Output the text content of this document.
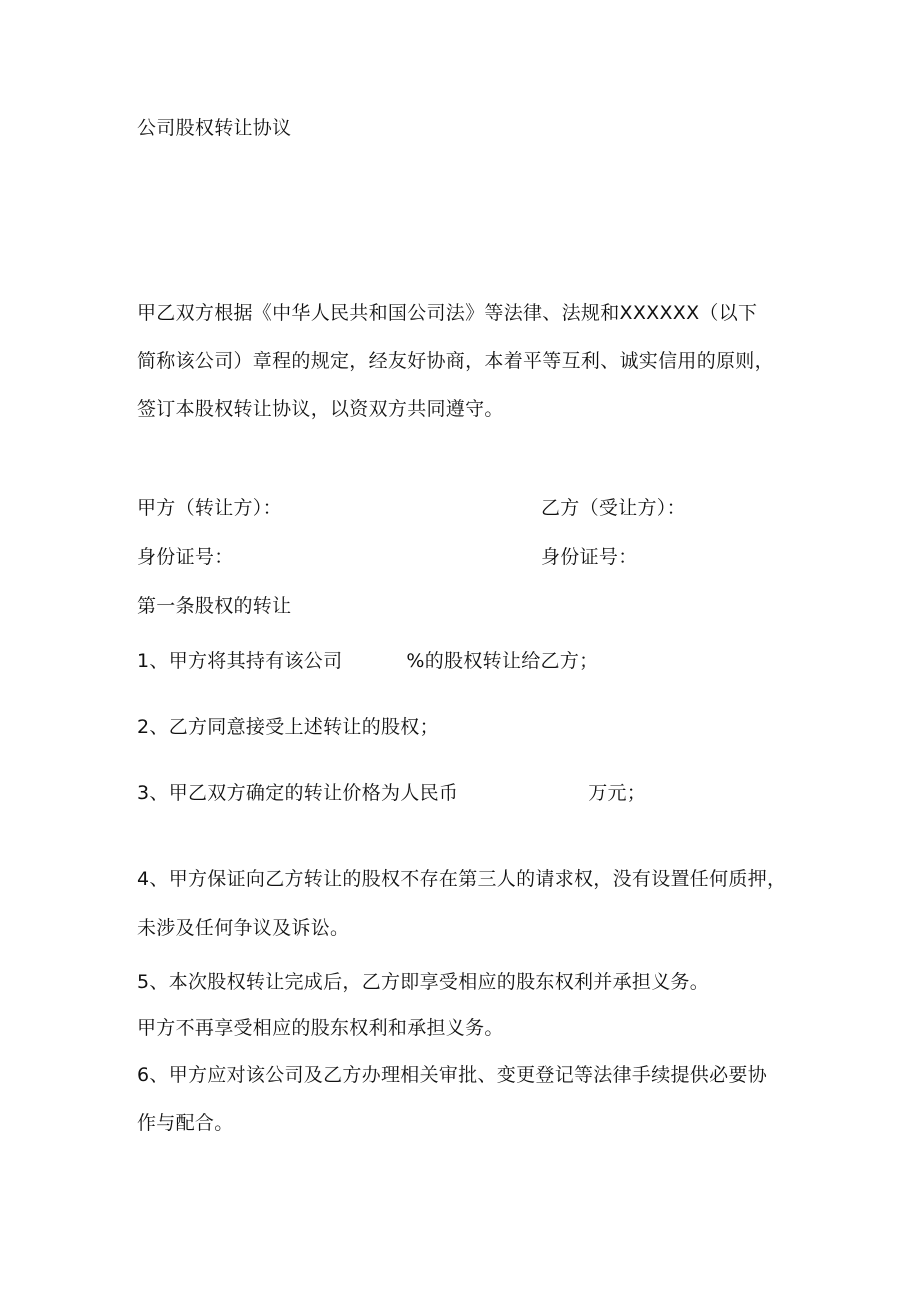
公司股权转让协议
甲乙双方根据《中华人民共和国公司法》等法律、法规和XXXXXX（以下
简称该公司）章程的规定，经友好协商，本着平等互利、诚实信用的原则，
签订本股权转让协议，以资双方共同遵守。
甲方（转让方）：	乙方（受让方）：
身份证号：	身份证号：
第一条股权的转让
1、甲方将其持有该公司	%的股权转让给乙方；
2、乙方同意接受上述转让的股权；
3、甲乙双方确定的转让价格为人民币	万元；
4、甲方保证向乙方转让的股权不存在第三人的请求权，没有设置任何质押，
未涉及任何争议及诉讼。
5、本次股权转让完成后，乙方即享受相应的股东权利并承担义务。
甲方不再享受相应的股东权利和承担义务。
6、甲方应对该公司及乙方办理相关审批、变更登记等法律手续提供必要协
作与配合。
